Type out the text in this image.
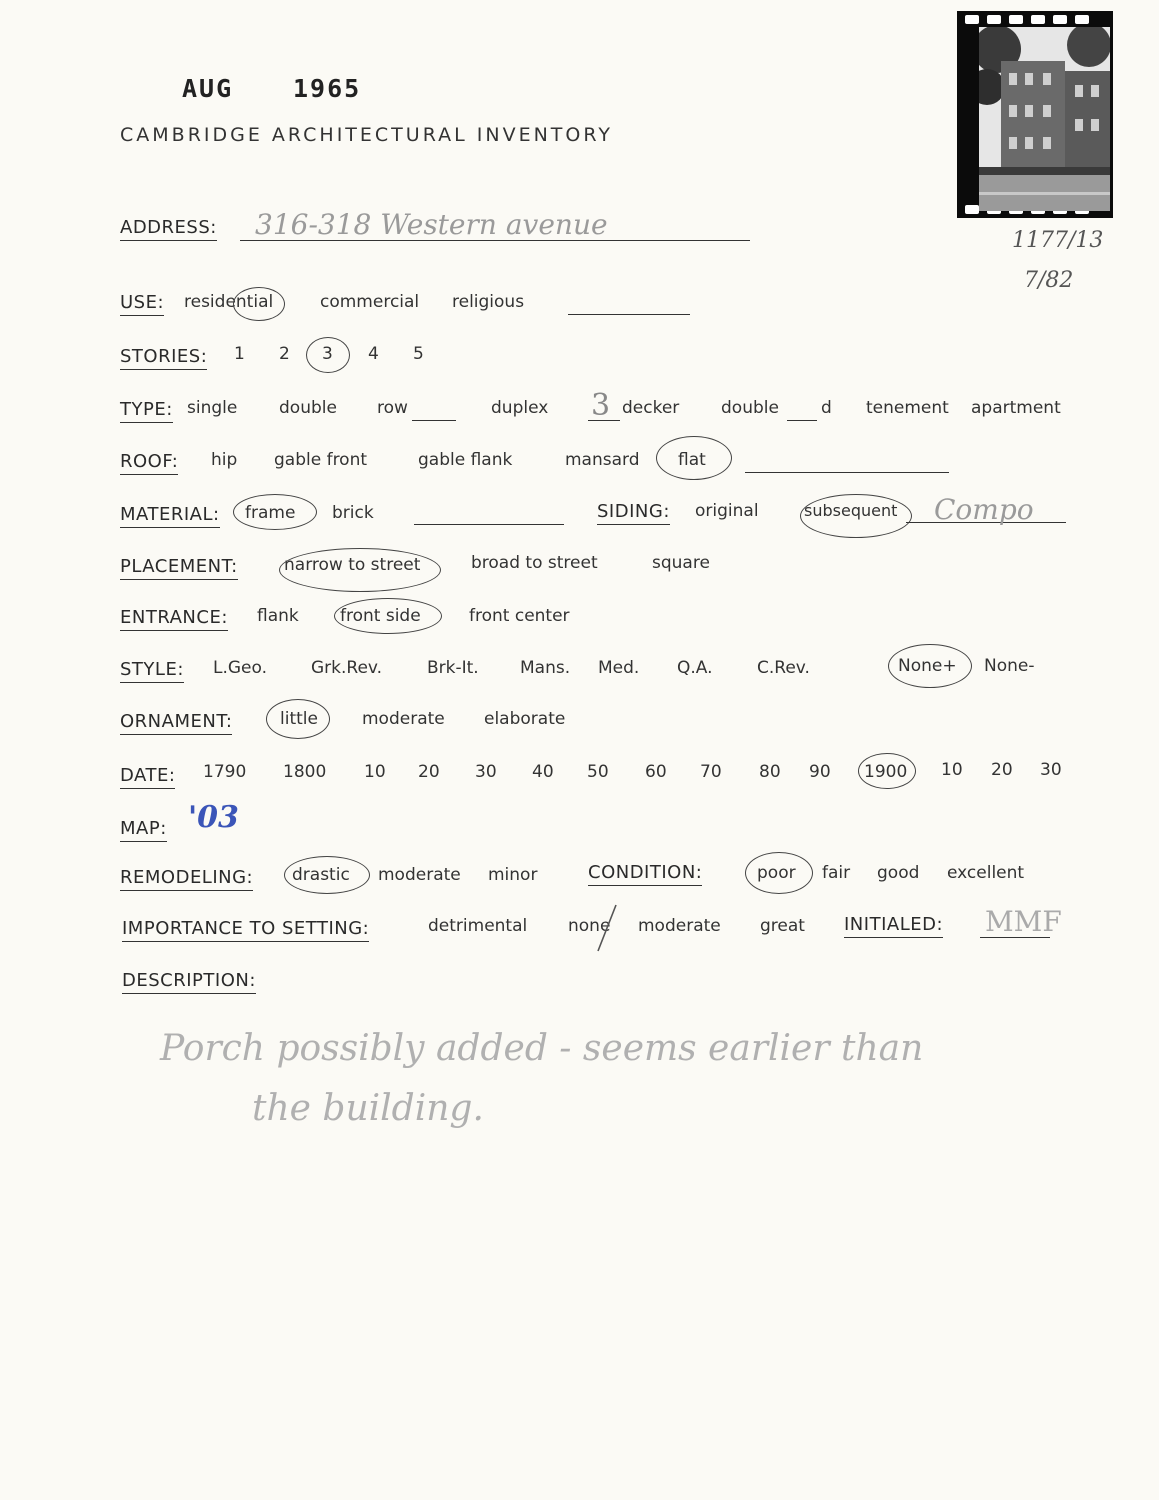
AUG 1965
CAMBRIDGE ARCHITECTURAL INVENTORY
1177/13
7/82
ADDRESS: 316-318 Western avenue
USE: residential	commercial religious
STORIES: 1 2 3 4 5
TYPE: single double row	duplex 3 decker double d tenement apartment
ROOF: hip gable front	gable flank	mansard flat
MATERIAL: frame brick	SIDING: original	subsequent Compo
PLACEMENT:	narrow to street	broad to street	square
ENTRANCE: flank front side	front center
STYLE: L.Geo.	Grk.Rev.	Brk-It. Mans. Med. Q.A.	C.Rev.	None+ None-
ORNAMENT:	little	moderate elaborate
DATE: 1790 1800 10 20 30 40 50 60 70 80 90 1900 10 20 30
MAP: '03
REMODELING: drastic moderate minor	CONDITION:	poor fair good excellent
IMPORTANCE TO SETTING:	detrimental none moderate great INITIALED: MMF
DESCRIPTION:
Porch possibly added - seems earlier than
the building.
